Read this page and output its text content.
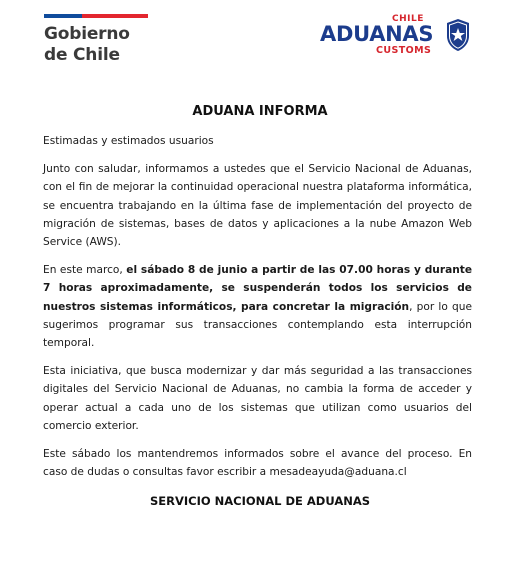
Gobierno
de Chile
CHILE
ADUANAS
CUSTOMS
ADUANA INFORMA

Estimadas y estimados usuarios

Junto con saludar, informamos a ustedes que el Servicio Nacional de Aduanas, con el fin de mejorar la continuidad operacional nuestra plataforma informática, se encuentra trabajando en la última fase de implementación del proyecto de migración de sistemas, bases de datos y aplicaciones a la nube Amazon Web Service (AWS).

En este marco, el sábado 8 de junio a partir de las 07.00 horas y durante 7 horas aproximadamente, se suspenderán todos los servicios de nuestros sistemas informáticos, para concretar la migración, por lo que sugerimos programar sus transacciones contemplando esta interrupción temporal.

Esta iniciativa, que busca modernizar y dar más seguridad a las transacciones digitales del Servicio Nacional de Aduanas, no cambia la forma de acceder y operar actual a cada uno de los sistemas que utilizan como usuarios del comercio exterior.

Este sábado los mantendremos informados sobre el avance del proceso. En caso de dudas o consultas favor escribir a mesadeayuda@aduana.cl

SERVICIO NACIONAL DE ADUANAS
